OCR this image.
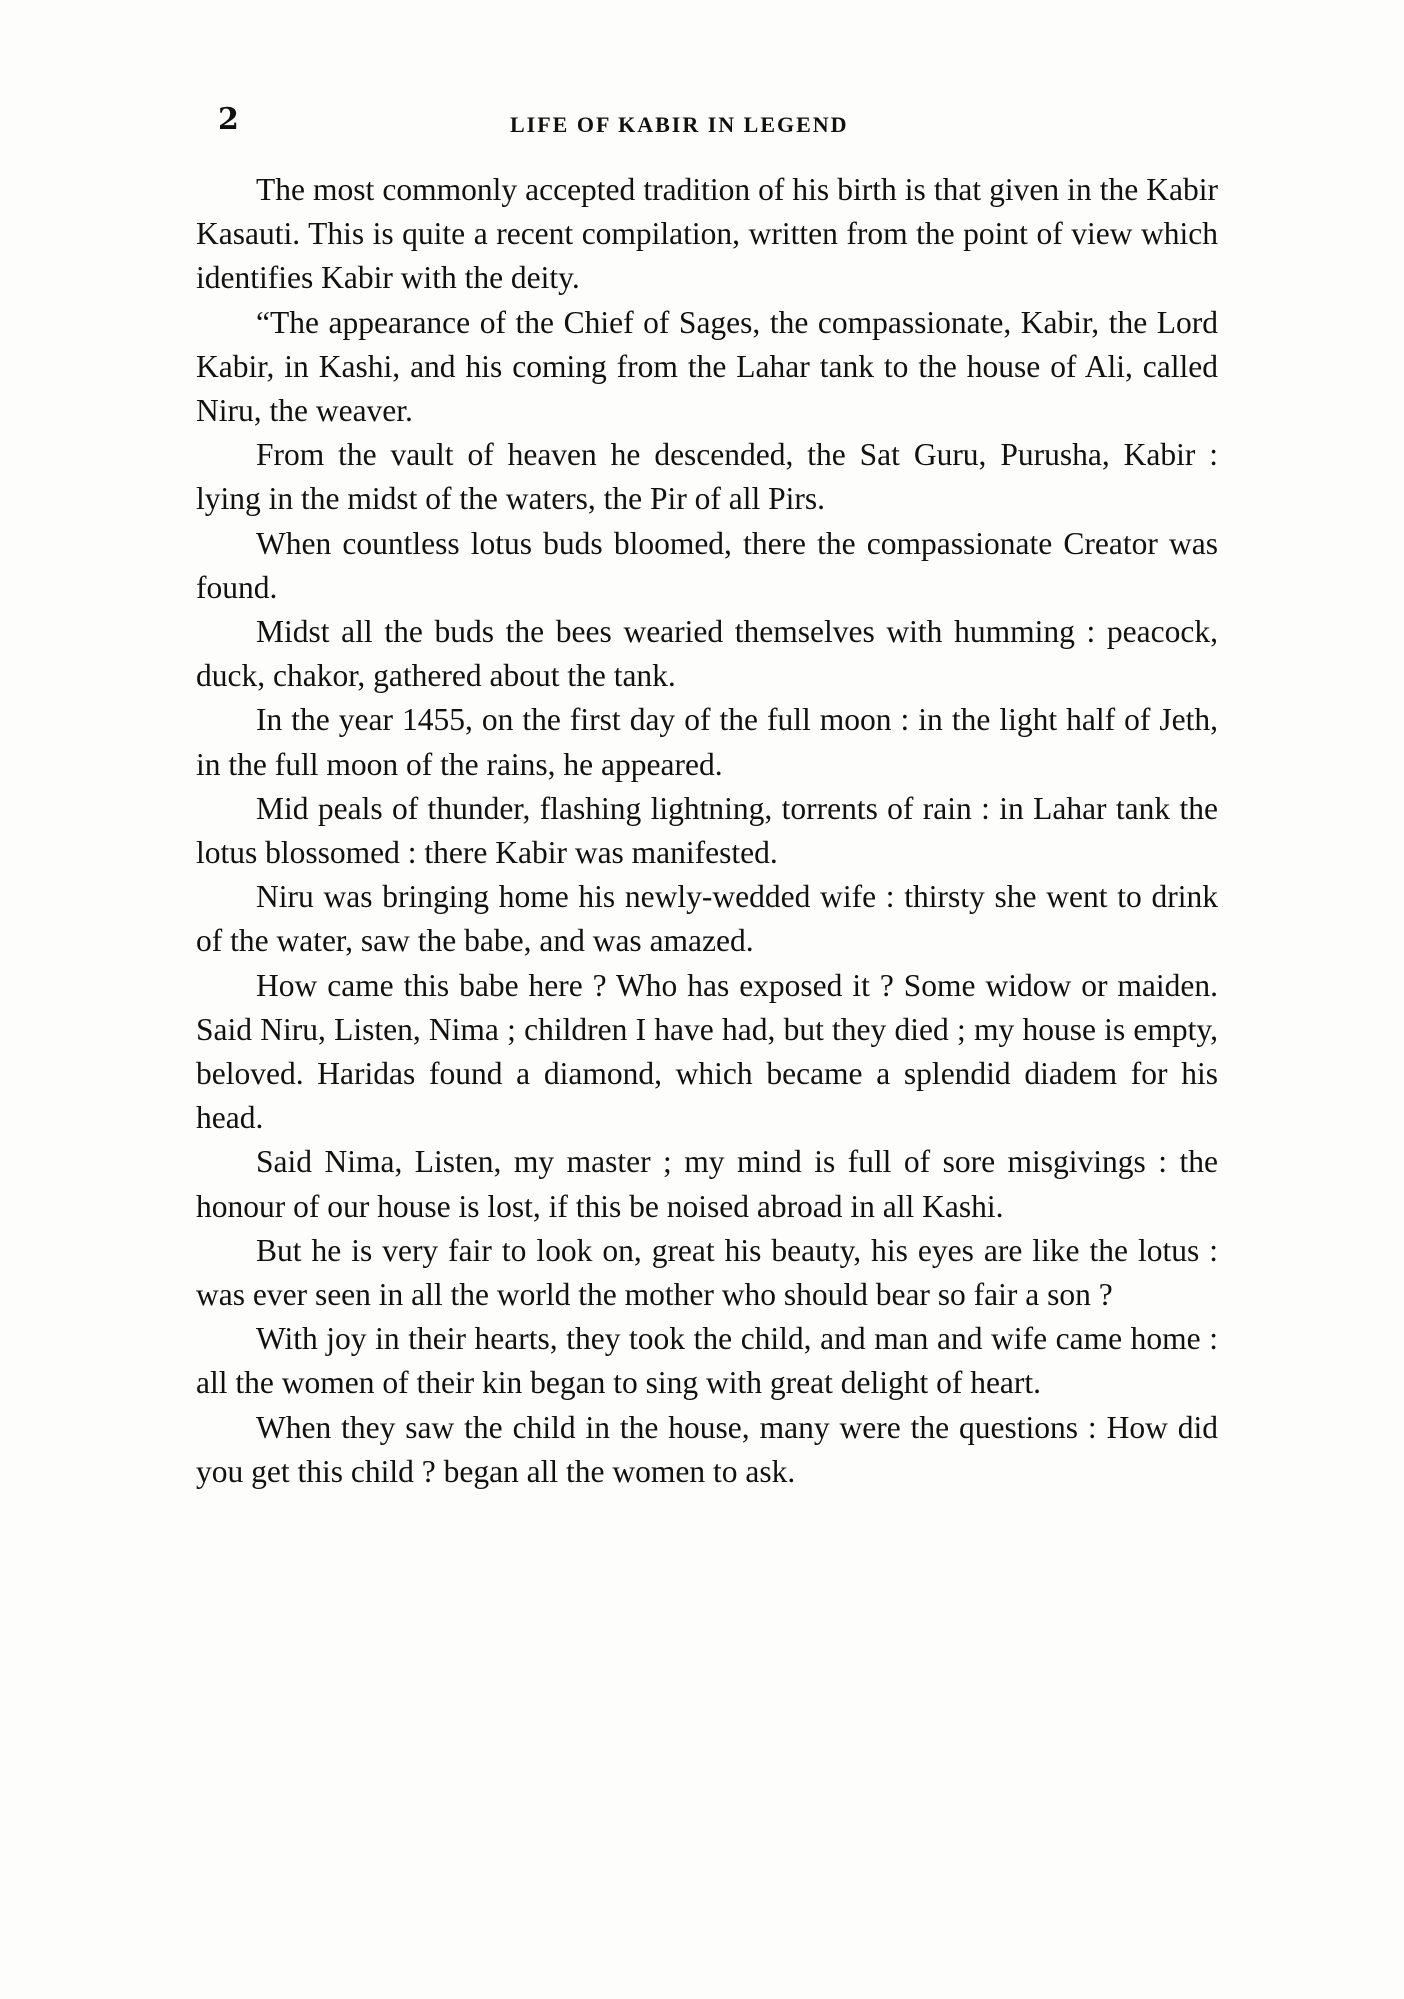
2	LIFE OF KABIR IN LEGEND

The most commonly accepted tradition of his birth is that given in the Kabir Kasauti. This is quite a recent compilation, written from the point of view which identifies Kabir with the deity.

“The appearance of the Chief of Sages, the compassionate, Kabir, the Lord Kabir, in Kashi, and his coming from the Lahar tank to the house of Ali, called Niru, the weaver.

From the vault of heaven he descended, the Sat Guru, Purusha, Kabir : lying in the midst of the waters, the Pir of all Pirs.

When countless lotus buds bloomed, there the compassionate Creator was found.

Midst all the buds the bees wearied themselves with humming : peacock, duck, chakor, gathered about the tank.

In the year 1455, on the first day of the full moon : in the light half of Jeth, in the full moon of the rains, he appeared.

Mid peals of thunder, flashing lightning, torrents of rain : in Lahar tank the lotus blossomed : there Kabir was manifested.

Niru was bringing home his newly-wedded wife : thirsty she went to drink of the water, saw the babe, and was amazed.

How came this babe here ? Who has exposed it ? Some widow or maiden. Said Niru, Listen, Nima ; children I have had, but they died ; my house is empty, beloved. Haridas found a diamond, which became a splendid diadem for his head.

Said Nima, Listen, my master ; my mind is full of sore misgivings : the honour of our house is lost, if this be noised abroad in all Kashi.

But he is very fair to look on, great his beauty, his eyes are like the lotus : was ever seen in all the world the mother who should bear so fair a son ?

With joy in their hearts, they took the child, and man and wife came home : all the women of their kin began to sing with great delight of heart.

When they saw the child in the house, many were the questions : How did you get this child ? began all the women to ask.
